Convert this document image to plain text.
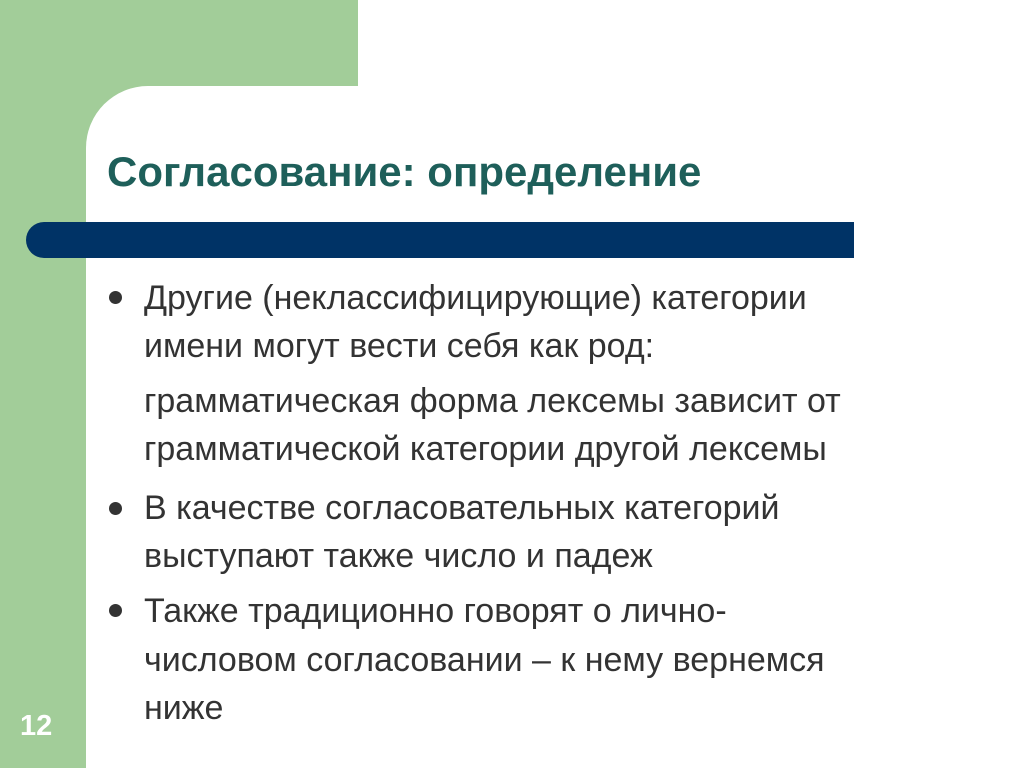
Согласование: определение
Другие (неклассифицирующие) категории
имени могут вести себя как род:
грамматическая форма лексемы зависит от
грамматической категории другой лексемы
В качестве согласовательных категорий
выступают также число и падеж
Также традиционно говорят о лично-
числовом согласовании – к нему вернемся
ниже
12
